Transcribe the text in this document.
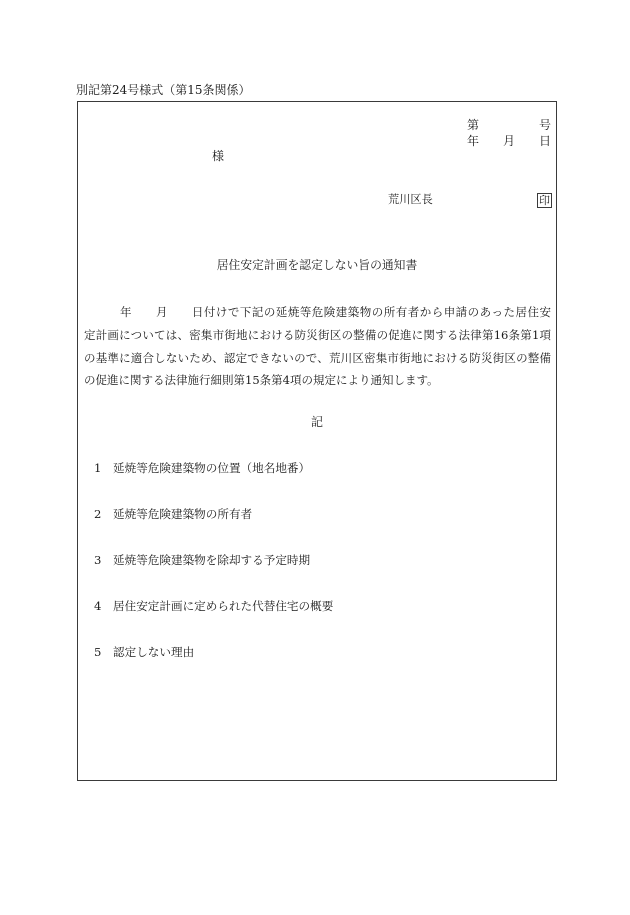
別記第24号様式（第15条関係）
第　　　　　号
年　　月　　日
様
荒川区長	印
居住安定計画を認定しない旨の通知書
　　　年　　月　　日付けで下記の延焼等危険建築物の所有者から申請のあった居住安
定計画については、密集市街地における防災街区の整備の促進に関する法律第16条第1項
の基準に適合しないため、認定できないので、荒川区密集市街地における防災街区の整備
の促進に関する法律施行細則第15条第4項の規定により通知します。
記
1 延焼等危険建築物の位置（地名地番）
2 延焼等危険建築物の所有者
3 延焼等危険建築物を除却する予定時期
4 居住安定計画に定められた代替住宅の概要
5 認定しない理由
